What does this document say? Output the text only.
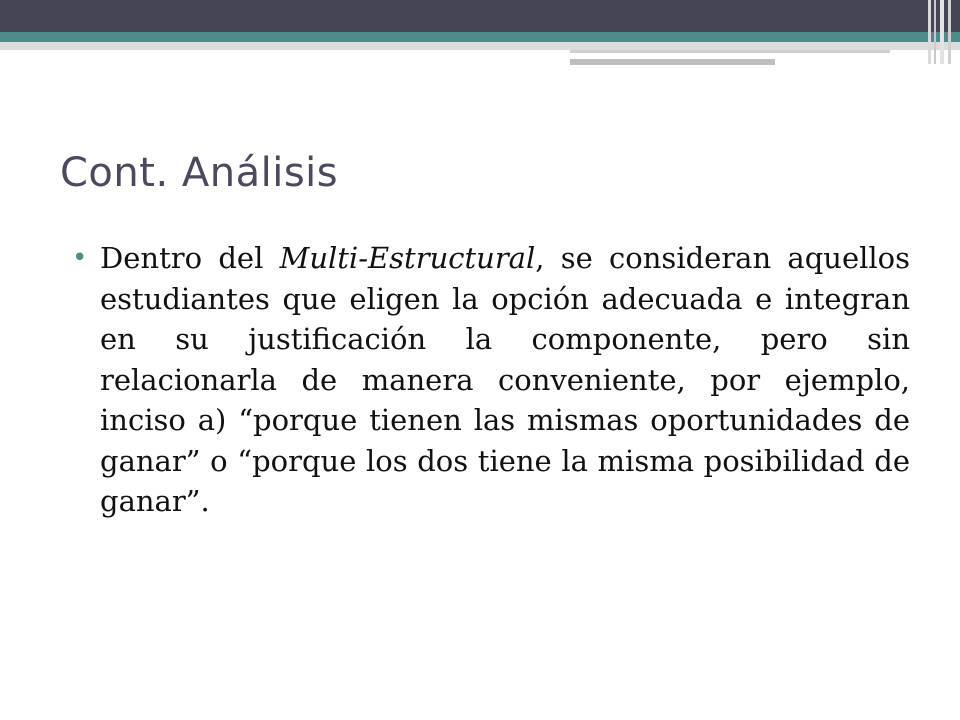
Cont. Análisis
• Dentro del Multi-Estructural, se consideran aquellos estudiantes que eligen la opción adecuada e integran en su justificación la componente, pero sin relacionarla de manera conveniente, por ejemplo, inciso a) “porque tienen las mismas oportunidades de ganar” o “porque los dos tiene la misma posibilidad de ganar”.
